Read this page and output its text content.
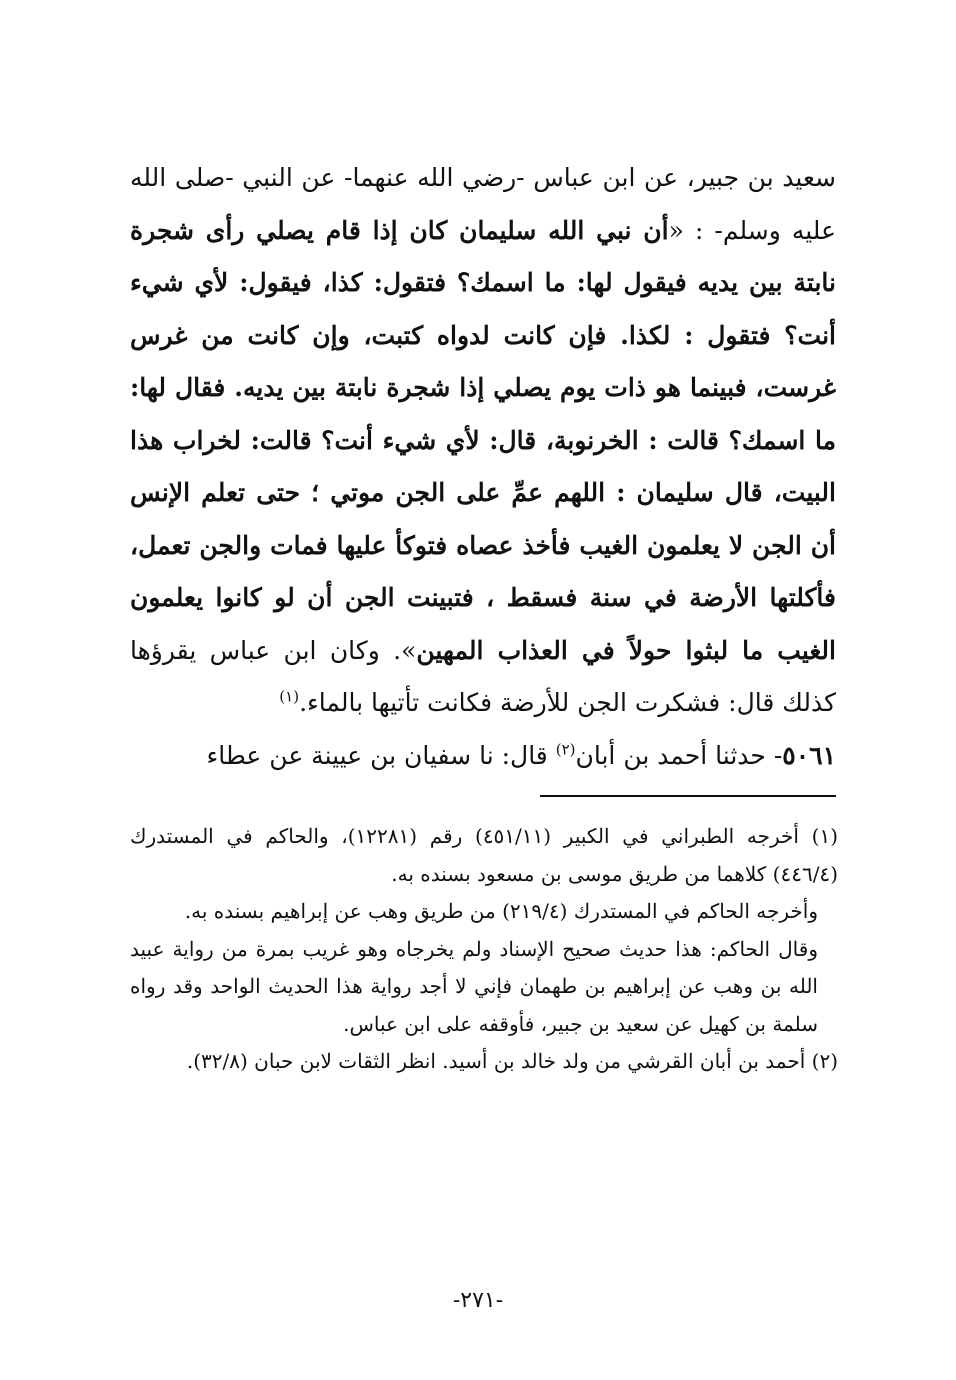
سعيد بن جبير، عن ابن عباس -رضي الله عنهما- عن النبي -صلى الله عليه وسلم- : «أن نبي الله سليمان كان إذا قام يصلي رأى شجرة نابتة بين يديه فيقول لها: ما اسمك؟ فتقول: كذا، فيقول: لأي شيء أنت؟ فتقول : لكذا. فإن كانت لدواه كتبت، وإن كانت من غرس غرست، فبينما هو ذات يوم يصلي إذا شجرة نابتة بين يديه. فقال لها: ما اسمك؟ قالت : الخرنوبة، قال: لأي شيء أنت؟ قالت: لخراب هذا البيت، قال سليمان : اللهم عمِّ على الجن موتي ؛ حتى تعلم الإنس أن الجن لا يعلمون الغيب فأخذ عصاه فتوكأ عليها فمات والجن تعمل، فأكلتها الأرضة في سنة فسقط ، فتبينت الجن أن لو كانوا يعلمون الغيب ما لبثوا حولاً في العذاب المهين». وكان ابن عباس يقرؤها كذلك قال: فشكرت الجن للأرضة فكانت تأتيها بالماء.$^{(١)}$

٥٠٦١- حدثنا أحمد بن أبان$^{(٢)}$ قال: نا سفيان بن عيينة عن عطاء

(١) أخرجه الطبراني في الكبير (٤٥١/١١) رقم (١٢٢٨١)، والحاكم في المستدرك (٤٤٦/٤) كلاهما من طريق موسى بن مسعود بسنده به.

وأخرجه الحاكم في المستدرك (٢١٩/٤) من طريق وهب عن إبراهيم بسنده به.

وقال الحاكم: هذا حديث صحيح الإسناد ولم يخرجاه وهو غريب بمرة من رواية عبيد الله بن وهب عن إبراهيم بن طهمان فإني لا أجد رواية هذا الحديث الواحد وقد رواه سلمة بن كهيل عن سعيد بن جبير، فأوقفه على ابن عباس.

(٢) أحمد بن أبان القرشي من ولد خالد بن أسيد. انظر الثقات لابن حبان (٣٢/٨).

-٢٧١-
